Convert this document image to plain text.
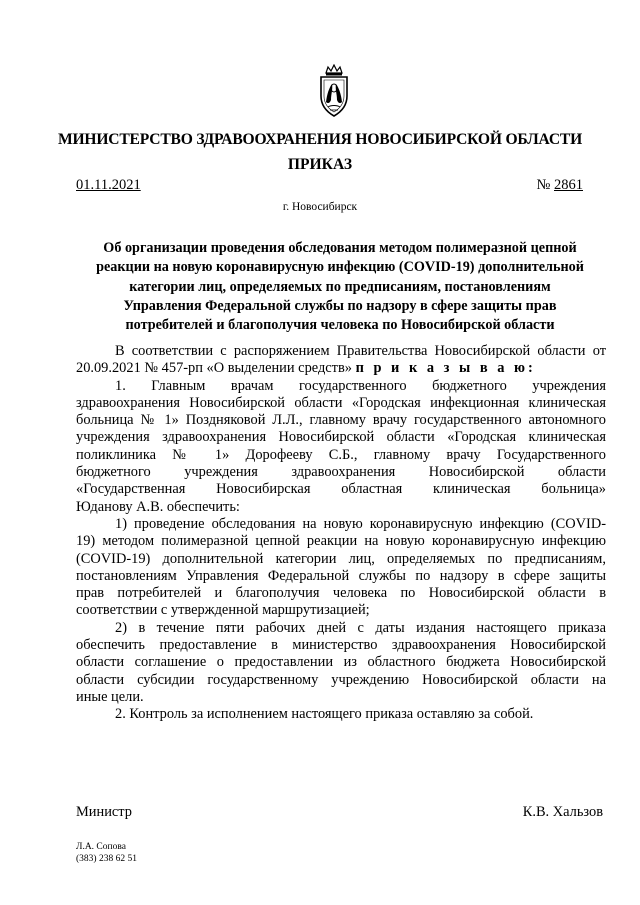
МИНИСТЕРСТВО ЗДРАВООХРАНЕНИЯ НОВОСИБИРСКОЙ ОБЛАСТИ
ПРИКАЗ
01.11.2021	№ 2861
г. Новосибирск
Об организации проведения обследования методом полимеразной цепной
реакции на новую коронавирусную инфекцию (COVID-19) дополнительной
категории лиц, определяемых по предписаниям, постановлениям
Управления Федеральной службы по надзору в сфере защиты прав
потребителей и благополучия человека по Новосибирской области
В соответствии с распоряжением Правительства Новосибирской области от
20.09.2021 № 457-рп «О выделении средств» п р и к а з ы в а ю:
1. Главным врачам государственного бюджетного учреждения
здравоохранения Новосибирской области «Городская инфекционная клиническая
больница № 1» Поздняковой Л.Л., главному врачу государственного автономного
учреждения здравоохранения Новосибирской области «Городская клиническая
поликлиника № 1» Дорофееву С.Б., главному врачу Государственного
бюджетного учреждения здравоохранения Новосибирской области
«Государственная Новосибирская областная клиническая больница»
Юданову А.В. обеспечить:
1) проведение обследования на новую коронавирусную инфекцию (COVID-
19) методом полимеразной цепной реакции на новую коронавирусную инфекцию
(COVID-19) дополнительной категории лиц, определяемых по предписаниям,
постановлениям Управления Федеральной службы по надзору в сфере защиты
прав потребителей и благополучия человека по Новосибирской области в
соответствии с утвержденной маршрутизацией;
2) в течение пяти рабочих дней с даты издания настоящего приказа
обеспечить предоставление в министерство здравоохранения Новосибирской
области соглашение о предоставлении из областного бюджета Новосибирской
области субсидии государственному учреждению Новосибирской области на
иные цели.
2. Контроль за исполнением настоящего приказа оставляю за собой.
Министр	К.В. Хальзов
Л.А. Сопова
(383) 238 62 51
